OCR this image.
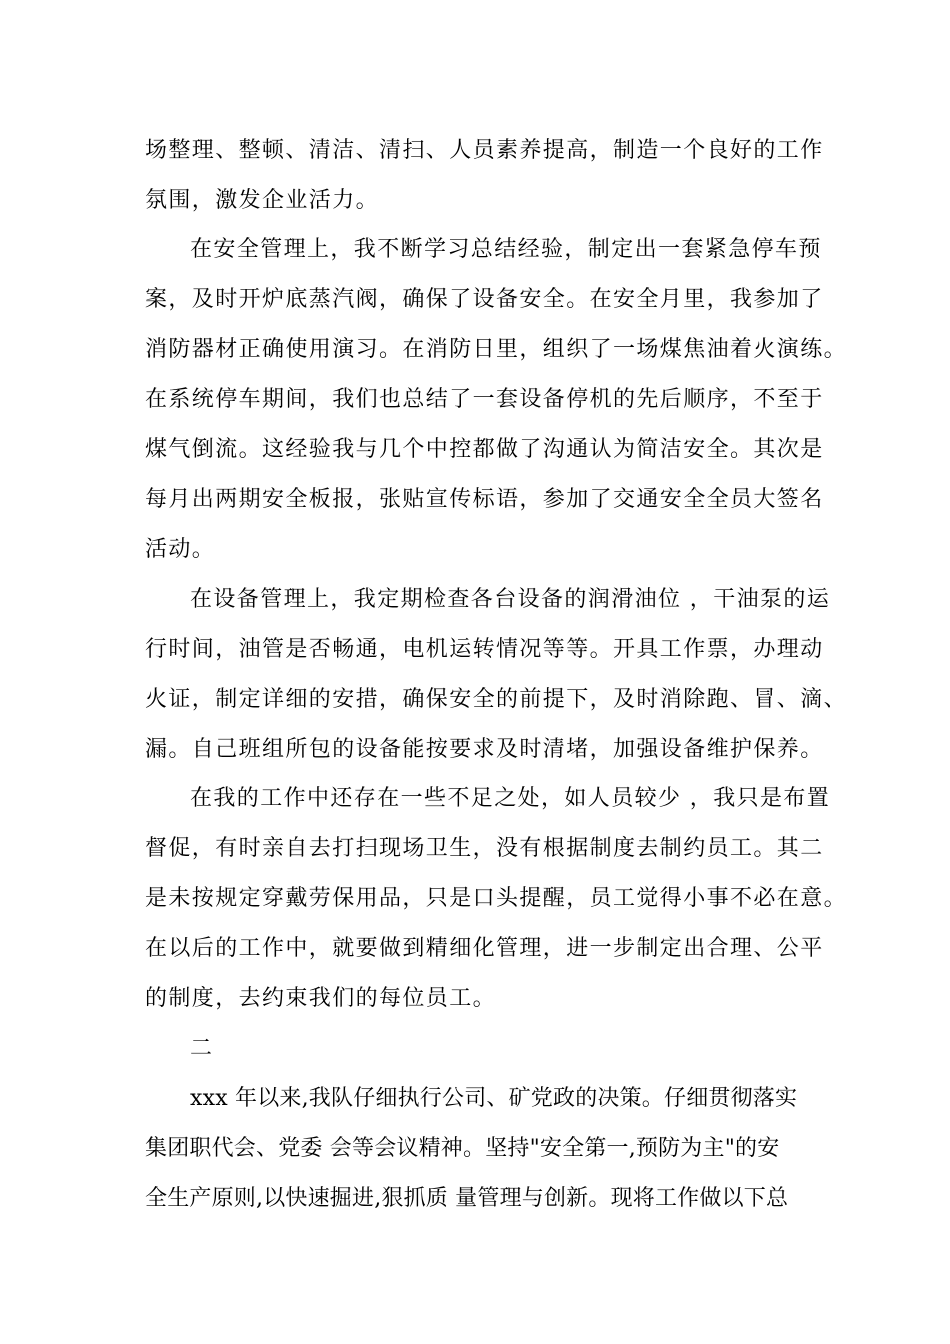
场整理、整顿、清洁、清扫、人员素养提高，制造一个良好的工作
氛围，激发企业活力。
在安全管理上，我不断学习总结经验，制定出一套紧急停车预
案，及时开炉底蒸汽阀，确保了设备安全。在安全月里，我参加了
消防器材正确使用演习。在消防日里，组织了一场煤焦油着火演练。
在系统停车期间，我们也总结了一套设备停机的先后顺序，不至于
煤气倒流。这经验我与几个中控都做了沟通认为简洁安全。其次是
每月出两期安全板报，张贴宣传标语，参加了交通安全全员大签名
活动。
在设备管理上，我定期检查各台设备的润滑油位 ，干油泵的运
行时间，油管是否畅通，电机运转情况等等。开具工作票，办理动
火证，制定详细的安措，确保安全的前提下，及时消除跑、冒、滴、
漏。自己班组所包的设备能按要求及时清堵，加强设备维护保养。
在我的工作中还存在一些不足之处，如人员较少 ，我只是布置
督促，有时亲自去打扫现场卫生，没有根据制度去制约员工。其二
是未按规定穿戴劳保用品，只是口头提醒，员工觉得小事不必在意。
在以后的工作中，就要做到精细化管理，进一步制定出合理、公平
的制度，去约束我们的每位员工。
二
xxx 年以来,我队仔细执行公司、矿党政的决策。仔细贯彻落实
集团职代会、党委 会等会议精神。坚持"安全第一,预防为主"的安
全生产原则,以快速掘进,狠抓质 量管理与创新。现将工作做以下总
